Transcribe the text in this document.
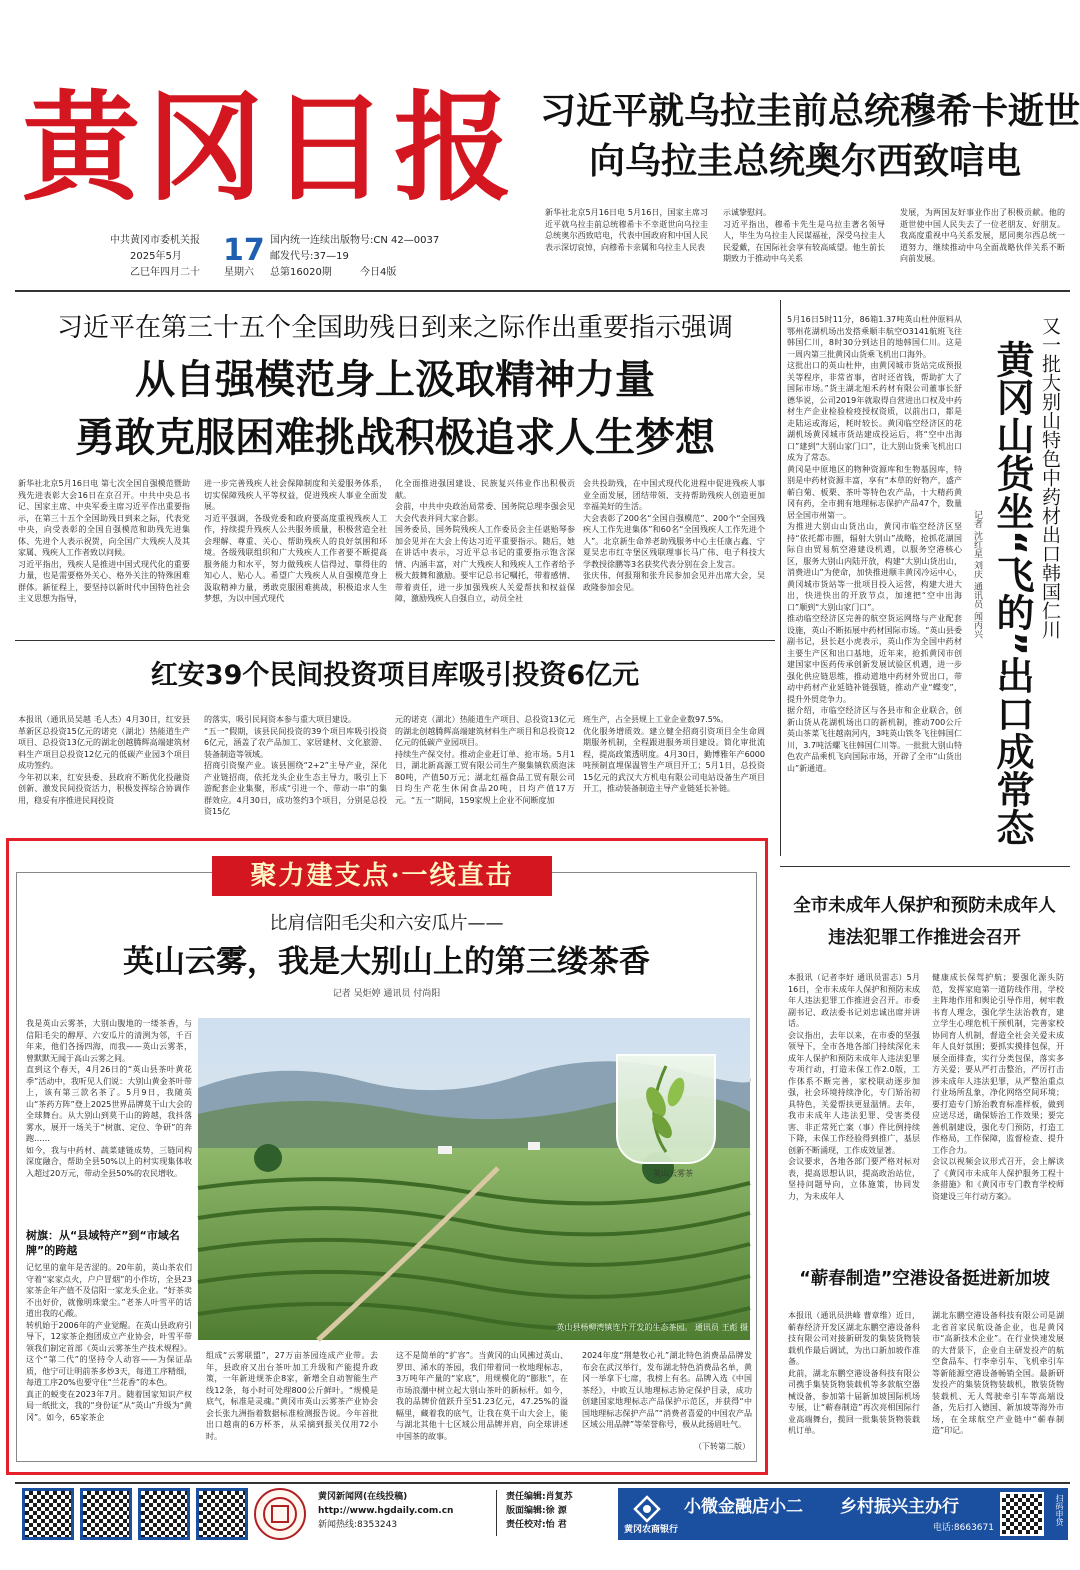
黄冈日报
中共黄冈市委机关报
2025年5月
乙巳年四月二十
17
星期六
国内统一连续出版物号:CN 42—0037
邮发代号:37—19
总第16020期	今日4版
习近平就乌拉圭前总统穆希卡逝世
向乌拉圭总统奥尔西致唁电
新华社北京5月16日电 5月16日，国家主席习近平就乌拉圭前总统穆希卡不幸逝世向乌拉圭总统奥尔西致唁电，代表中国政府和中国人民表示深切哀悼，向穆希卡亲属和乌拉圭人民表
示诚挚慰问。
习近平指出，穆希卡先生是乌拉圭著名领导人，毕生为乌拉圭人民谋福祉，深受乌拉圭人民爱戴，在国际社会享有较高威望。他生前长期致力于推动中乌关系
发展，为两国友好事业作出了积极贡献。他的逝世使中国人民失去了一位老朋友、好朋友。我高度重视中乌关系发展，愿同奥尔西总统一道努力，继续推动中乌全面战略伙伴关系不断向前发展。
习近平在第三十五个全国助残日到来之际作出重要指示强调
从自强模范身上汲取精神力量
勇敢克服困难挑战积极追求人生梦想
新华社北京5月16日电 第七次全国自强模范暨助残先进表彰大会16日在京召开。中共中央总书记、国家主席、中央军委主席习近平作出重要指示，在第三十五个全国助残日到来之际，代表党中央，向受表彰的全国自强模范和助残先进集体、先进个人表示祝贺，向全国广大残疾人及其家属、残疾人工作者致以问候。
习近平指出，残疾人是推进中国式现代化的重要力量，也是需要格外关心、格外关注的特殊困难群体。新征程上，要坚持以新时代中国特色社会主义思想为指导，
进一步完善残疾人社会保障制度和关爱服务体系，切实保障残疾人平等权益，促进残疾人事业全面发展。
习近平强调，各级党委和政府要高度重视残疾人工作，持续提升残疾人公共服务质量，积极营造全社会理解、尊重、关心、帮助残疾人的良好氛围和环境。各级残联组织和广大残疾人工作者要不断提高服务能力和水平，努力做残疾人信得过、靠得住的知心人、贴心人。希望广大残疾人从自强模范身上汲取精神力量，勇敢克服困难挑战，积极追求人生梦想，为以中国式现代
化全面推进强国建设、民族复兴伟业作出积极贡献。
会前，中共中央政治局常委、国务院总理李强会见大会代表并同大家合影。
国务委员、国务院残疾人工作委员会主任谌贻琴参加会见并在大会上传达习近平重要指示。随后，她在讲话中表示，习近平总书记的重要指示饱含深情、内涵丰富，对广大残疾人和残疾人工作者给予极大鼓舞和激励。要牢记总书记嘱托，带着感情、带着责任，进一步加强残疾人关爱帮扶和权益保障，激励残疾人自强自立，动员全社
会共投助残，在中国式现代化进程中促进残疾人事业全面发展，团结带领、支持帮助残疾人创造更加幸福美好的生活。
大会表彰了200名“全国自强模范”、200个“全国残疾人工作先进集体”和60名“全国残疾人工作先进个人”。北京新生命养老助残服务中心主任康占鑫、宁夏吴忠市红寺堡区残联理事长马广伟、电子科技大学教授徐鹏等3名获奖代表分别在会上发言。
张庆伟、何报翔和张升民参加会见并出席大会，吴政隆参加会见。
红安39个民间投资项目库吸引投资6亿元
本报讯（通讯员吴越 毛人杰）4月30日，红安县革新区总投资15亿元的诺克（湖北）热能道生产项目、总投资13亿元的湖北创越腾辉高端建筑材料生产项目总投资12亿元的低碳产业园3个项目成功签约。
今年初以来，红安县委、县政府不断优化投融资创新、激发民间投资活力，积极发挥综合协调作用，稳妥有序推进民间投资
的落实，吸引民间资本参与重大项目建设。
“五一”假期，该县民间投资的39个项目库吸引投资6亿元，涵盖了农产品加工、家居建材、文化旅游、装备制造等领域。
招商引资聚产业。该县围绕“2+2”主导产业，深化产业链招商，依托龙头企业生态主导力，吸引上下游配套企业集聚，形成“引进一个、带动一串”的集群效应。4月30日，成功签约3个项目，分别是总投资15亿
元的诺克（湖北）热能道生产项目、总投资13亿元的湖北创越腾辉高端建筑材料生产项目和总投资12亿元的低碳产业园项目。
持续生产保交付。推动企业赶订单、抢市场。5月1日，湖北新高源工贸有限公司生产聚集镇软质泡沫80吨，产值50万元；湖北红福食品工贸有限公司日均生产花生休闲食品20吨，日均产值17万元。“五一”期间，159家规上企业不间断度加
班生产，占全县规上工业企业数97.5%。
优化服务增质效。建立健全招商引资项目全生命周期服务机制，全程跟进服务项目建设。简化审批流程，提高政策透明度。4月30日，勤博雅年产6000吨预制直埋保温管生产项目开工；5月1日，总投资15亿元的武汉大方机电有限公司电站设备生产项目开工，推动装备制造主导产业链延长补链。
5月16日5时11分，86箱1.37吨英山杜仲原料从鄂州花湖机场出发搭乘顺丰航空O3141航班飞往韩国仁川，8时30分到达目的地韩国仁川。这是一周内第三批黄冈山货乘飞机出口海外。
这批出口的英山杜仲，由黄冈城市货站完成预报关等程序，非常省事，省时还省钱，帮助扩大了国际市场。”货主湖北旭禾药材有限公司董事长舒德华说，公司2019年就取得自营进出口权及中药材生产企业检验检疫授权资质，以前出口，都是走陆运或海运，耗时较长。黄冈临空经济区的花湖机场黄冈城市货站建成投运后，将“空中出海口”建到“大别山家门口”，让大别山货乘飞机出口成为了常态。
黄冈是中原地区的物种资源库和生物基因库，特别是中药材资源丰富，享有“本草的好物产，盛产蕲白菊、板栗、茶叶等特色农产品，十大精药黄冈有药，全市拥有地理标志保护产品47个，数量居全国市州第一。
为推进大别山山货出山，黄冈市临空经济区坚持“依托都市圈，辐射大别山”战略，抢抓花湖国际自由贸易航空港建设机遇，以服务空港核心区，服务大别山内陆开放，构建“大别山货出山，消费进山”为使命，加快推进顺丰黄冈冷运中心，黄冈城市货站等一批项目投入运营，构建大进大出，快进快出的开放节点，加速把“空中出海口”顺到“大别山家门口”。
推动临空经济区完善的航空货运网络与产业配套设施，英山不断拓展中药材国际市场。“英山县委副书记，县长赵小虎表示，英山作为全国中药材主要生产区和出口基地，近年来，抢抓黄冈市创建国家中医药传承创新发展试验区机遇，进一步强化供应链思维，推动道地中药材外贸出口，带动中药材产业延链补链强链，推动产业“蝶变”，提升外贸竞争力。
据介绍，市临空经济区与各县市和企业联合，创新山货从花湖机场出口的新机制，推动700公斤英山茶菜飞往越南河内，3吨英山铁冬飞往韩国仁川，3.7吨活螺飞往韩国仁川等。一批批大别山特色农产品乘机飞向国际市场，开辟了全市“山货出山”新通道。
又一批大别山特色中药材出口韩国仁川
黄冈山货坐“飞的”出口成常态
记者 沈红星 刘庆 通讯员 闻丙兴
聚力建支点·一线直击
比肩信阳毛尖和六安瓜片——
英山云雾，我是大别山上的第三缕茶香
记者 吴炬婷 通讯员 付尚阳
我是英山云雾茶，大别山腹地的一缕茶香，与信阳毛尖的醇厚、六安瓜片的清洌为邻，千百年来，他们各扬四海，而我——英山云雾茶，曾默默无闻于高山云雾之间。
直到这个春天，4月26日的“英山县茶叶黄花季”活动中，我听见人们说：大别山黄金茶叶带上，该有第三款名茶了。5月9日，我随英山“茶药方阵”登上2025世界品牌莫干山大会的全球舞台。从大别山到莫干山的跨越，我抖落雾水，展开一场关于“树旗、定位、争研”的奔跑……
如今，我与中药材、蔬菜建链成势，三链同构深度融合，帮助全县50%以上的村实现集体收入超过20万元，带动全县50%的农民增收。
树旗：从“县域特产”到“市域名牌”的跨越
记忆里的童年是苦涩的。20年前，英山茶农们守着“家家点火，户户冒烟”的小作坊，全县23家茶企年产值不及信阳一家龙头企业。“好茶卖不出好价，就像明珠蒙尘。”老茶人叶雪平的话道出我的心酸。
转机始于2006年的产业觉醒。在英山县政府引导下，12家茶企抱团成立产业协会，叶雪平带领我们制定首部《英山云雾茶生产技术规程》。这个“第二代”的坚持令人动容——为保证品质，他宁可让明前茶多炒3天，每道工序精细，每道工序20%也要守住“兰花香”的本色。
真正的蜕变在2023年7月。随着国家知识产权局一纸批文，我的“身份证”从“英山”升级为“黄冈”。如今，65家茶企
英山云雾茶
英山县杨柳湾镇连片开发的生态茶园。 通讯员 王彪 摄
组成“云雾联盟”，27万亩茶园连成产业带。去年，县政府又出台茶叶加工升级和产能提升政策，一年新进规茶企8家，新增全自动智能生产线12条，每小时可处理800公斤鲜叶。“规模是底气，标准是灵魂。”黄冈市英山云雾茶产业协会会长张九洲指着数据标准检测报告说。今年首批出口越南的6万杯茶，从采摘到报关仅用72小时。
这不是简单的“扩容”。当黄冈的山风拂过英山、罗田、浠水的茶园，我们带着同一枚地理标志，3万吨年产量的“家底”，用规模化的“膨胀”，在市场浪潮中树立起大别山茶叶的新标杆。如今，我的品牌价值跃升至51.23亿元，47.25%的溢幅里，藏着我的底气，让我在莫干山大会上，能与湖北其他十七区域公用品牌并肩，向全球讲述中国茶的故事。
2024年度“荆楚牧心礼”湖北特色消费品品牌发布会在武汉举行，发布湖北特色消费品名单，黄冈一举拿下七席，我榜上有名。品牌入选《中国茶经》，中欧互认地理标志协定保护目录，成功创建国家地理标志产品保护示范区，并获得“中国地理标志保护产品”“消费者喜爱的中国农产品区域公用品牌”等荣誉称号，极从此扬眉吐气。
（下转第二版）
全市未成年人保护和预防未成年人
违法犯罪工作推进会召开
本报讯（记者李好 通讯员雷志）5月16日，全市未成年人保护和预防未成年人违法犯罪工作推进会召开。市委副书记、政法委书记刘忠诚出席并讲话。
会议指出，去年以来，在市委的坚强领导下，全市各地各部门持续深化未成年人保护和预防未成年人违法犯罪专项行动，打造未保工作2.0版，工作体系不断完善，家校联动逐步加强，社会环境持续净化，专门矫治初具特色，关爱帮扶更显温情。去年，我市未成年人违法犯罪、受害类侵害、非正常死亡案（事）件比例持续下降，未保工作经验得到推广，基层创新不断涌现，工作成效显著。
会议要求，各地各部门要严格对标对表，提高思想认识，提高政治站位，坚持问题导向，立体施策，协同发力，为未成年人
健康成长保驾护航；要强化源头防范，发挥家庭第一道防线作用，学校主阵地作用和舆论引导作用，树牢教书育人理念，强化学生法治教育，建立学生心理危机干预机制，完善家校协同育人机制，督造全社会关爱未成年人良好氛围；要抓实摸排包保，开展全面排查，实行分类包保，落实多方关爱；要从严打击整治，严厉打击涉未成年人违法犯罪，从严整治重点行业场所乱象，净化网络空间环境；要打造专门矫治教育标准样板，做到应送尽送，确保矫治工作效果；要完善机制建设，强化专门预防，打造工作格局，工作保障，监督检查、提升工作合力。
会议以视频会议形式召开，会上解读了《黄冈市未成年人保护服务工程十条措施》和《黄冈市专门教育学校师资建设三年行动方案》。
“蕲春制造”空港设备挺进新加坡
本报讯（通讯员洪峰 曹章维）近日，蕲春经济开发区湖北东鹏空港设备科技有限公司对接新研发的集装货物装载机作最后调试，为出口新加坡作准备。
此前，湖北东鹏空港设备科技有限公司携手集装货物装载机等多款航空器械设备，参加第十届新加坡国际机场专展，让“蕲春制造”再次亮相国际行业高端舞台，揽回一批集装货物装载机订单。
湖北东鹏空港设备科技有限公司是湖北省首家民航设备企业，也是黄冈市“高新技术企业”。在行业快速发展的大背景下，企业自主研发投产的航空食品车、行李牵引车、飞机牵引车等新能源空港设备畅销全国。最新研发投产的集装货物装载机，散装货物装载机、无人驾驶牵引车等高端设备，先后打入德国、新加坡等海外市场，在全球航空产业链中“蕲春制造”印记。
黄冈新闻网(在线投稿)
http://www.hgdaily.com.cn
新闻热线:8353243
责任编辑:肖复苏
版面编辑:徐 源
责任校对:怡 君	黄冈农商银行
小微金融店小二	乡村振兴主办行
电话:8663671
扫码申贷
